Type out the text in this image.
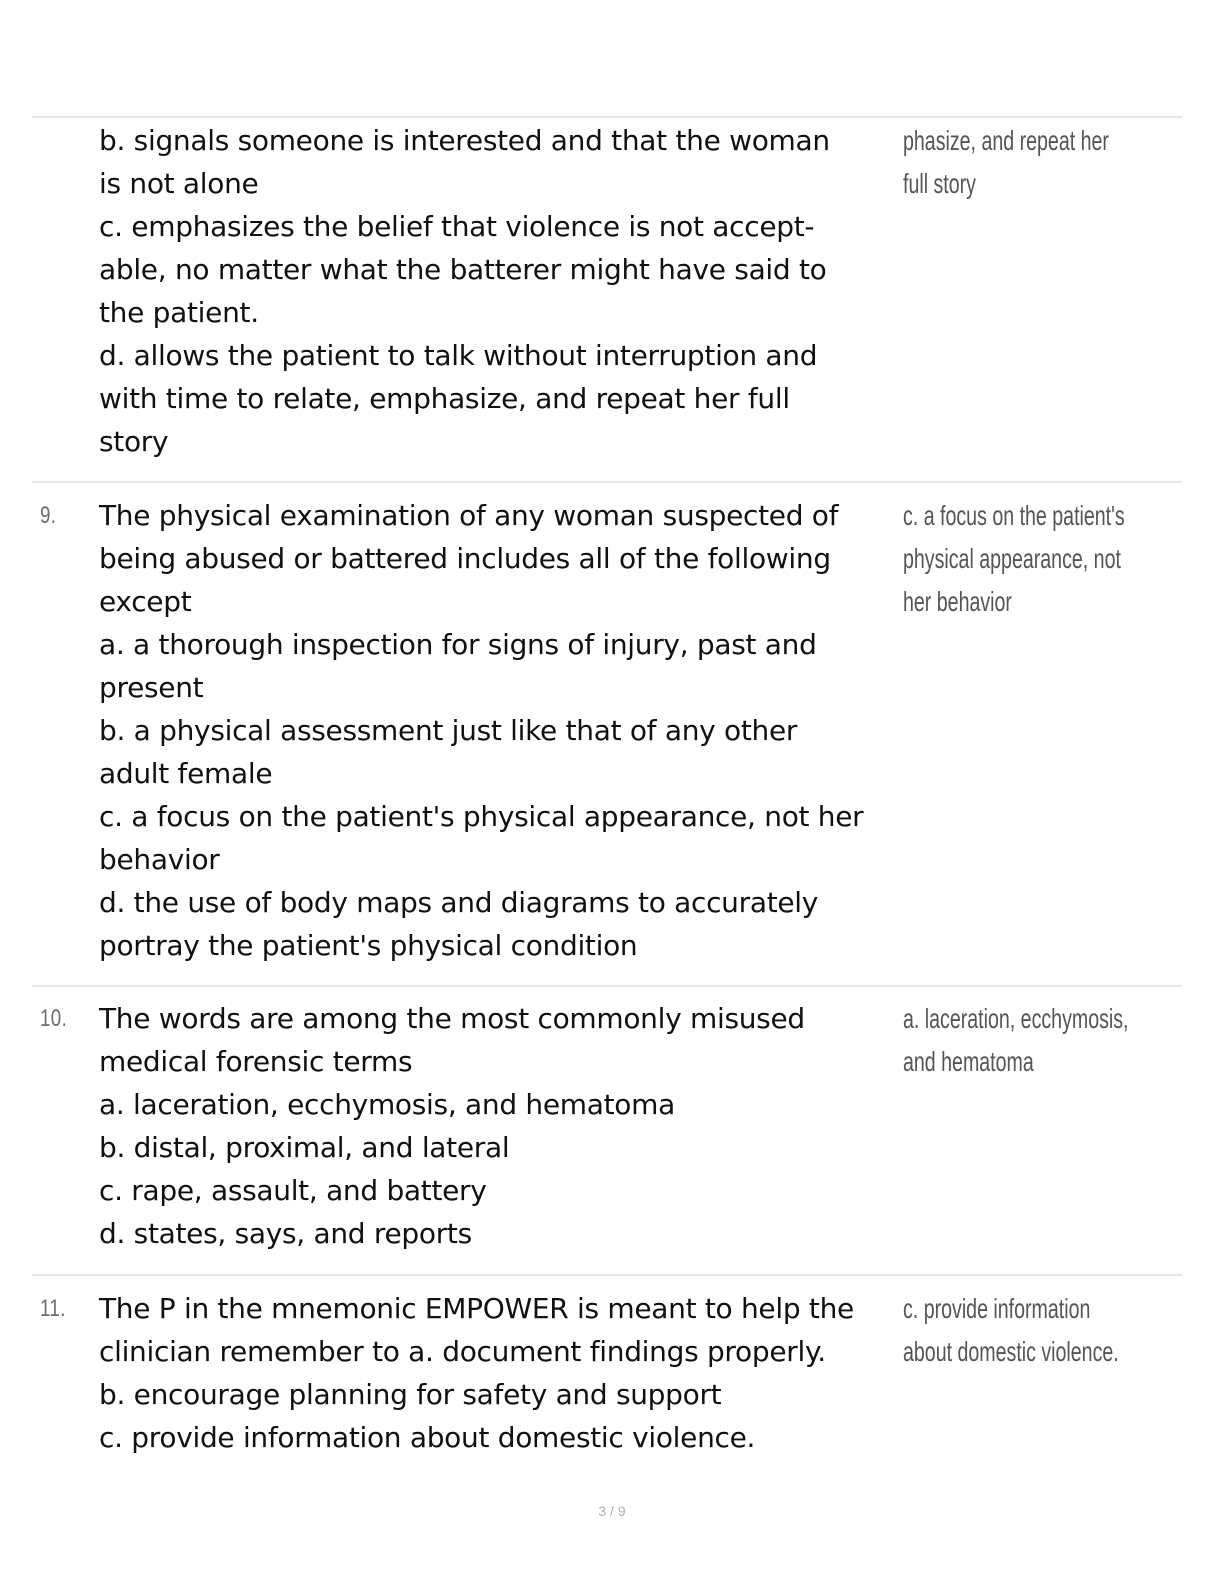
b. signals someone is interested and that the woman
is not alone
c. emphasizes the belief that violence is not accept-
able, no matter what the batterer might have said to
the patient.
d. allows the patient to talk without interruption and
with time to relate, emphasize, and repeat her full
story
phasize, and repeat her
full story
9. The physical examination of any woman suspected of
being abused or battered includes all of the following
except
a. a thorough inspection for signs of injury, past and
present
b. a physical assessment just like that of any other
adult female
c. a focus on the patient's physical appearance, not her
behavior
d. the use of body maps and diagrams to accurately
portray the patient's physical condition
c. a focus on the patient's
physical appearance, not
her behavior
10. The words are among the most commonly misused
medical forensic terms
a. laceration, ecchymosis, and hematoma
b. distal, proximal, and lateral
c. rape, assault, and battery
d. states, says, and reports
a. laceration, ecchymosis,
and hematoma
11. The P in the mnemonic EMPOWER is meant to help the
clinician remember to a. document findings properly.
b. encourage planning for safety and support
c. provide information about domestic violence.
c. provide information
about domestic violence.
3 / 9
